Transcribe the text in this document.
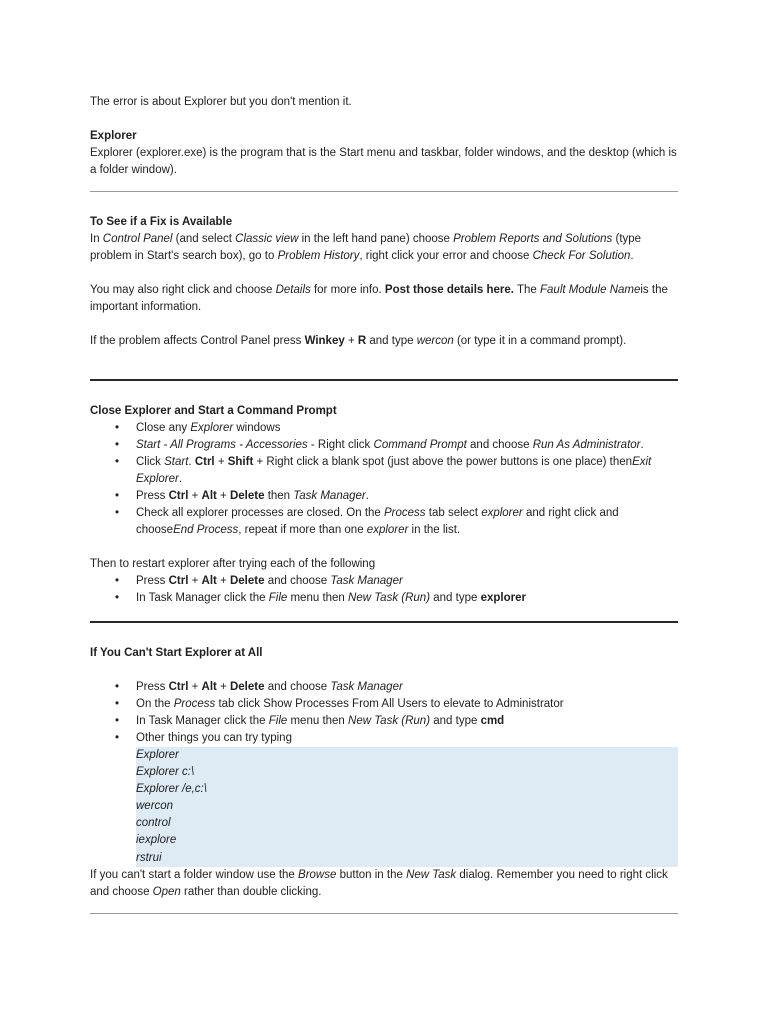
The error is about Explorer but you don't mention it.

Explorer

Explorer (explorer.exe) is the program that is the Start menu and taskbar, folder windows, and the desktop (which is a folder window).

To See if a Fix is Available

In Control Panel (and select Classic view in the left hand pane) choose Problem Reports and Solutions (type problem in Start's search box), go to Problem History, right click your error and choose Check For Solution.

You may also right click and choose Details for more info. Post those details here. The Fault Module Nameis the important information.

If the problem affects Control Panel press Winkey + R and type wercon (or type it in a command prompt).

Close Explorer and Start a Command Prompt

• Close any Explorer windows
• Start - All Programs - Accessories - Right click Command Prompt and choose Run As Administrator.
• Click Start. Ctrl + Shift + Right click a blank spot (just above the power buttons is one place) thenExit Explorer.
• Press Ctrl + Alt + Delete then Task Manager.
• Check all explorer processes are closed. On the Process tab select explorer and right click and chooseEnd Process, repeat if more than one explorer in the list.

Then to restart explorer after trying each of the following

• Press Ctrl + Alt + Delete and choose Task Manager
• In Task Manager click the File menu then New Task (Run) and type explorer

If You Can't Start Explorer at All

• Press Ctrl + Alt + Delete and choose Task Manager
• On the Process tab click Show Processes From All Users to elevate to Administrator
• In Task Manager click the File menu then New Task (Run) and type cmd
• Other things you can try typing
Explorer
Explorer c:\
Explorer /e,c:\
wercon
control
iexplore
rstrui

If you can't start a folder window use the Browse button in the New Task dialog. Remember you need to right click and choose Open rather than double clicking.
